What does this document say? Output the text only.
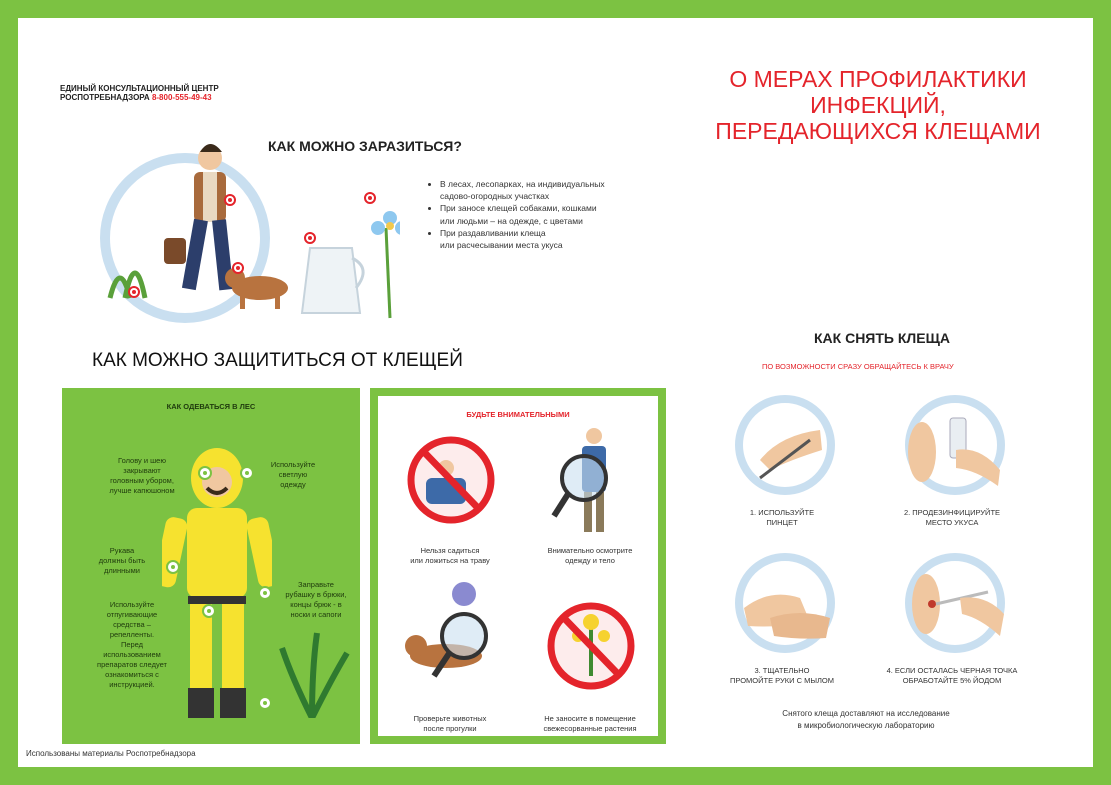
ЕДИНЫЙ КОНСУЛЬТАЦИОННЫЙ ЦЕНТР
РОСПОТРЕБНАДЗОРА 8-800-555-49-43
О МЕРАХ ПРОФИЛАКТИКИ
ИНФЕКЦИЙ,
ПЕРЕДАЮЩИХСЯ КЛЕЩАМИ
КАК МОЖНО ЗАРАЗИТЬСЯ?
• В лесах, лесопарках, на индивидуальных
садово-огородных участках
• При заносе клещей собаками, кошками
или людьми – на одежде, с цветами
• При раздавливании клеща
или расчесывании места укуса
КАК МОЖНО ЗАЩИТИТЬСЯ ОТ КЛЕЩЕЙ
КАК ОДЕВАТЬСЯ В ЛЕС
Голову и шею
закрывают
головным убором,
лучше капюшоном
Используйте
светлую
одежду
Рукава
должны быть
длинными
Используйте
отпугивающие
средства –
репелленты.
Перед
использованием
препаратов следует
ознакомиться с
инструкцией.
Заправьте
рубашку в брюки,
концы брюк - в
носки и сапоги
БУДЬТЕ ВНИМАТЕЛЬНЫМИ
Нельзя садиться
или ложиться на траву
Внимательно осмотрите
одежду и тело
Проверьте животных
после прогулки
Не заносите в помещение
свежесорванные растения
КАК СНЯТЬ КЛЕЩА
ПО ВОЗМОЖНОСТИ СРАЗУ ОБРАЩАЙТЕСЬ К ВРАЧУ
1. ИСПОЛЬЗУЙТЕ
ПИНЦЕТ
2. ПРОДЕЗИНФИЦИРУЙТЕ
МЕСТО УКУСА
3. ТЩАТЕЛЬНО
ПРОМОЙТЕ РУКИ С МЫЛОМ
4. ЕСЛИ ОСТАЛАСЬ ЧЕРНАЯ ТОЧКА
ОБРАБОТАЙТЕ 5% ЙОДОМ
Снятого клеща доставляют на исследование
в микробиологическую лабораторию
Использованы материалы Роспотребнадзора
